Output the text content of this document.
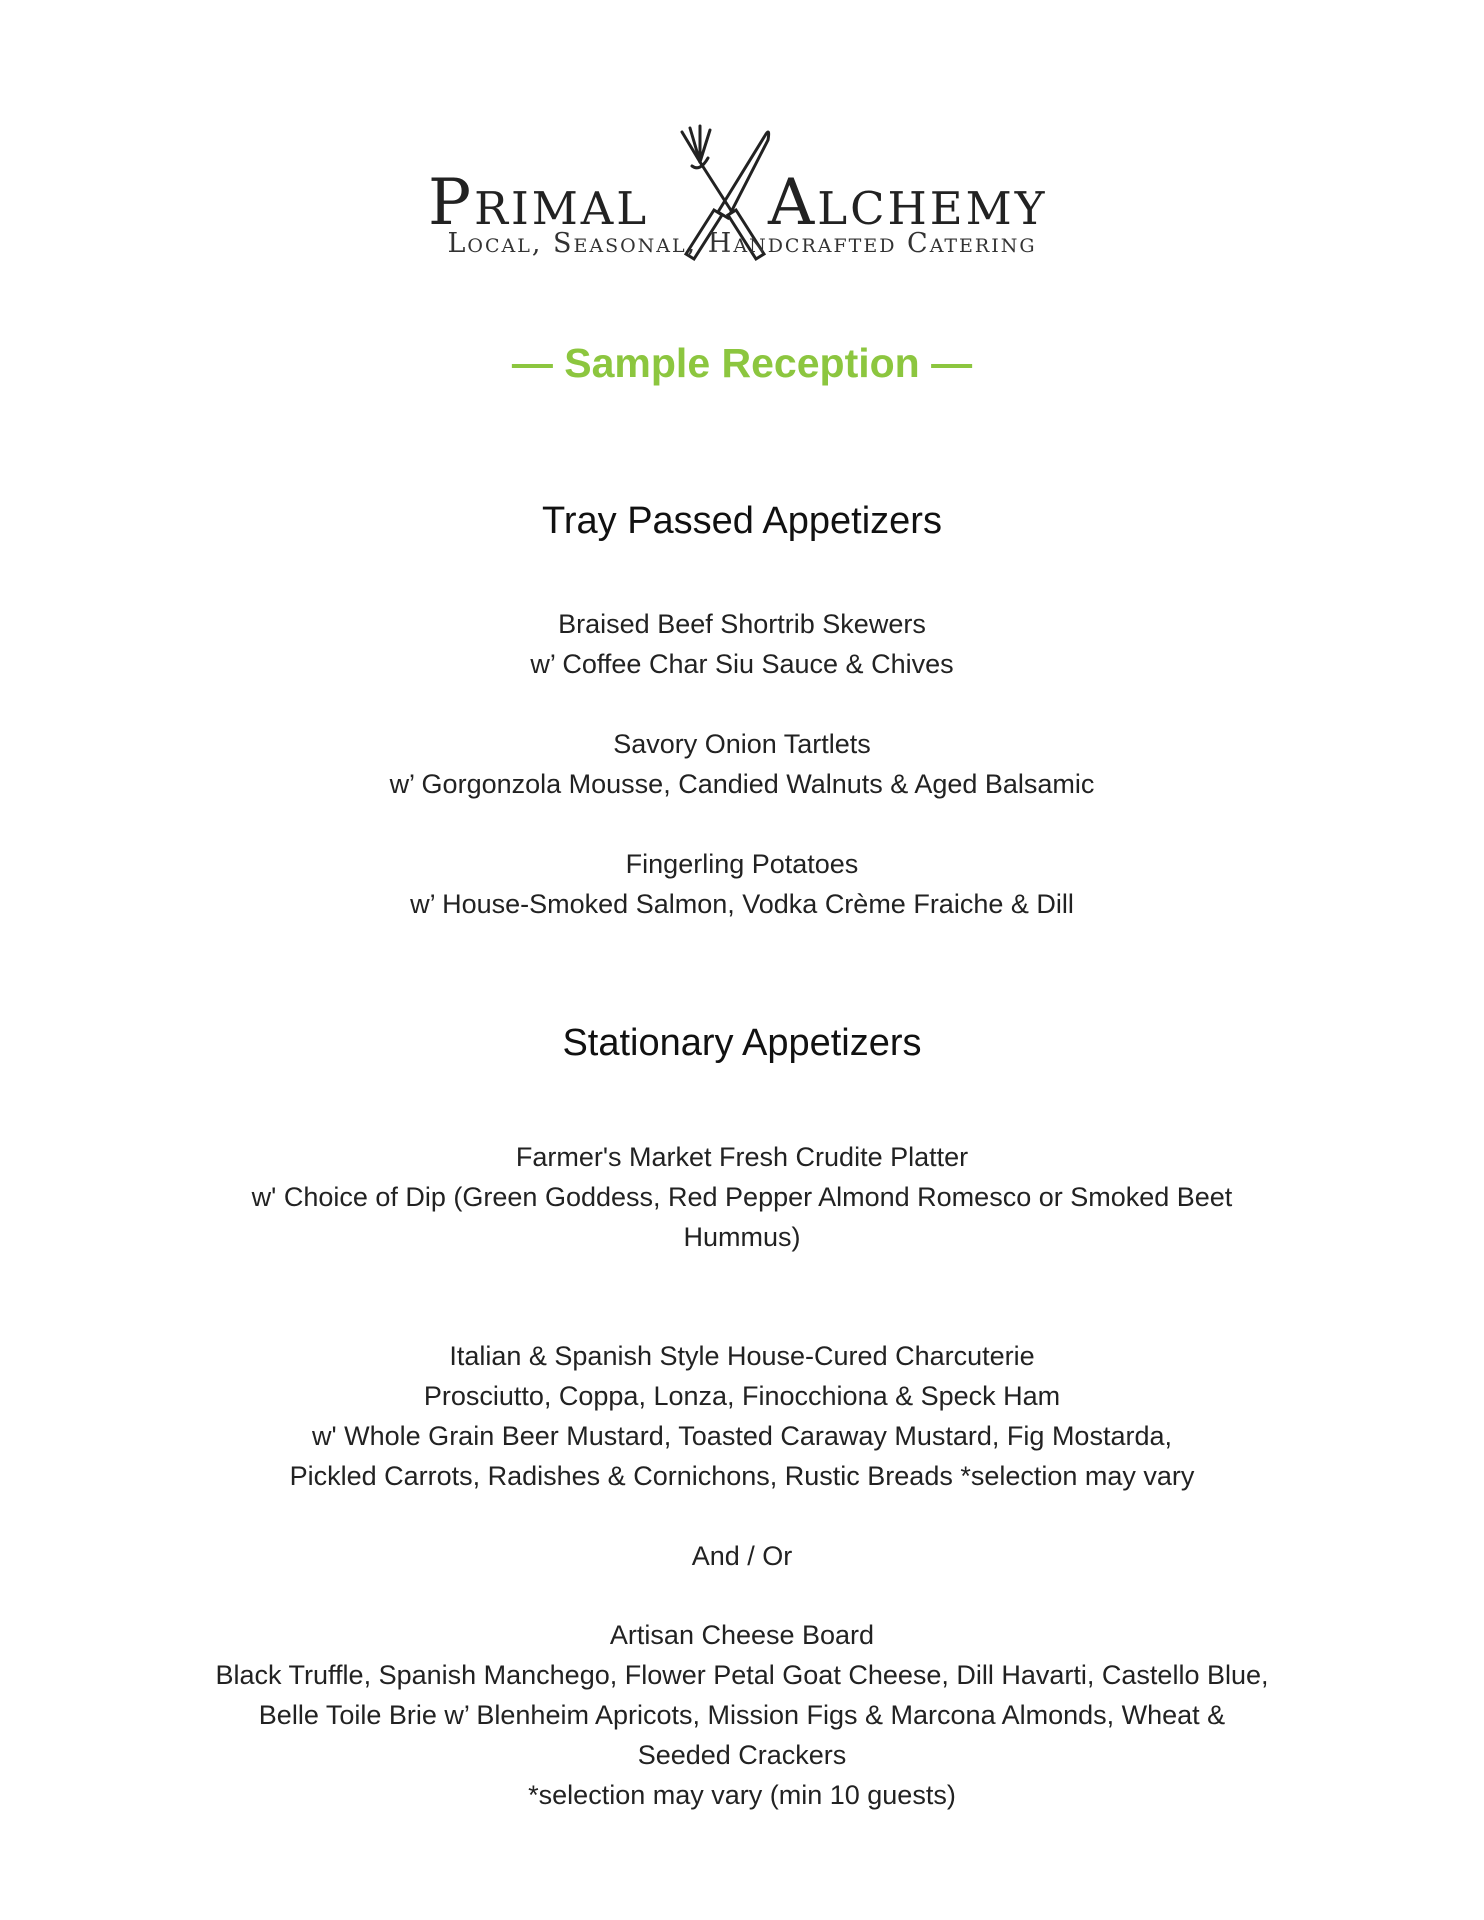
Primal Alchemy
Local, Seasonal, Handcrafted Catering
— Sample Reception —
Tray Passed Appetizers
Braised Beef Shortrib Skewers
w’ Coffee Char Siu Sauce & Chives
Savory Onion Tartlets
w’ Gorgonzola Mousse, Candied Walnuts & Aged Balsamic
Fingerling Potatoes
w’ House-Smoked Salmon, Vodka Crème Fraiche & Dill
Stationary Appetizers
Farmer's Market Fresh Crudite Platter
w' Choice of Dip (Green Goddess, Red Pepper Almond Romesco or Smoked Beet
Hummus)
Italian & Spanish Style House-Cured Charcuterie
Prosciutto, Coppa, Lonza, Finocchiona & Speck Ham
w' Whole Grain Beer Mustard, Toasted Caraway Mustard, Fig Mostarda,
Pickled Carrots, Radishes & Cornichons, Rustic Breads *selection may vary
And / Or
Artisan Cheese Board
Black Truffle, Spanish Manchego, Flower Petal Goat Cheese, Dill Havarti, Castello Blue,
Belle Toile Brie w’ Blenheim Apricots, Mission Figs & Marcona Almonds, Wheat &
Seeded Crackers
*selection may vary (min 10 guests)
